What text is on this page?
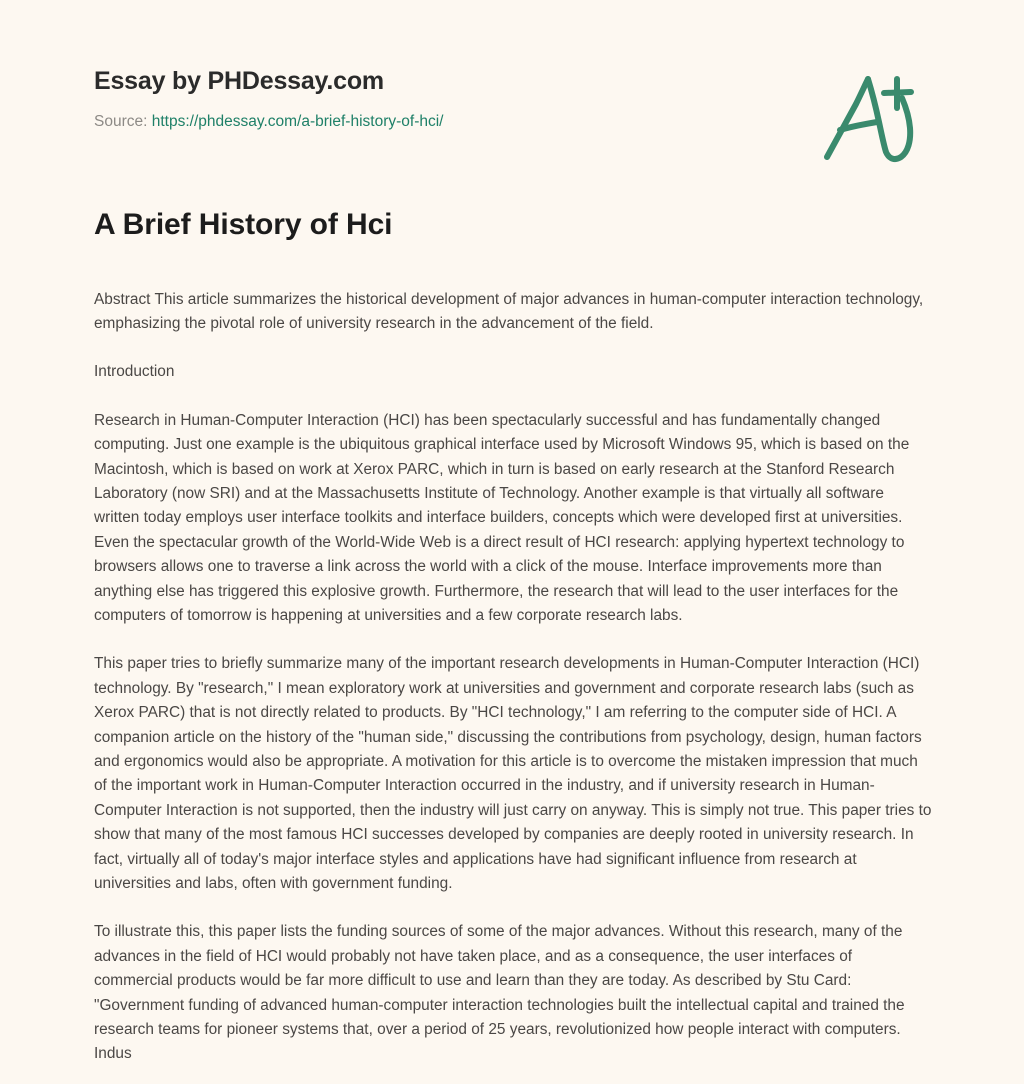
Essay by PHDessay.com
Source: https://phdessay.com/a-brief-history-of-hci/
A Brief History of Hci

Abstract This article summarizes the historical development of major advances in human-computer interaction technology, emphasizing the pivotal role of university research in the advancement of the field.

Introduction

Research in Human-Computer Interaction (HCI) has been spectacularly successful and has fundamentally changed computing. Just one example is the ubiquitous graphical interface used by Microsoft Windows 95, which is based on the Macintosh, which is based on work at Xerox PARC, which in turn is based on early research at the Stanford Research Laboratory (now SRI) and at the Massachusetts Institute of Technology. Another example is that virtually all software written today employs user interface toolkits and interface builders, concepts which were developed first at universities. Even the spectacular growth of the World-Wide Web is a direct result of HCI research: applying hypertext technology to browsers allows one to traverse a link across the world with a click of the mouse. Interface improvements more than anything else has triggered this explosive growth. Furthermore, the research that will lead to the user interfaces for the computers of tomorrow is happening at universities and a few corporate research labs.

This paper tries to briefly summarize many of the important research developments in Human-Computer Interaction (HCI) technology. By "research," I mean exploratory work at universities and government and corporate research labs (such as Xerox PARC) that is not directly related to products. By "HCI technology," I am referring to the computer side of HCI. A companion article on the history of the "human side," discussing the contributions from psychology, design, human factors and ergonomics would also be appropriate. A motivation for this article is to overcome the mistaken impression that much of the important work in Human-Computer Interaction occurred in the industry, and if university research in Human-Computer Interaction is not supported, then the industry will just carry on anyway. This is simply not true. This paper tries to show that many of the most famous HCI successes developed by companies are deeply rooted in university research. In fact, virtually all of today's major interface styles and applications have had significant influence from research at universities and labs, often with government funding.

To illustrate this, this paper lists the funding sources of some of the major advances. Without this research, many of the advances in the field of HCI would probably not have taken place, and as a consequence, the user interfaces of commercial products would be far more difficult to use and learn than they are today. As described by Stu Card: "Government funding of advanced human-computer interaction technologies built the intellectual capital and trained the research teams for pioneer systems that, over a period of 25 years, revolutionized how people interact with computers. Indus
